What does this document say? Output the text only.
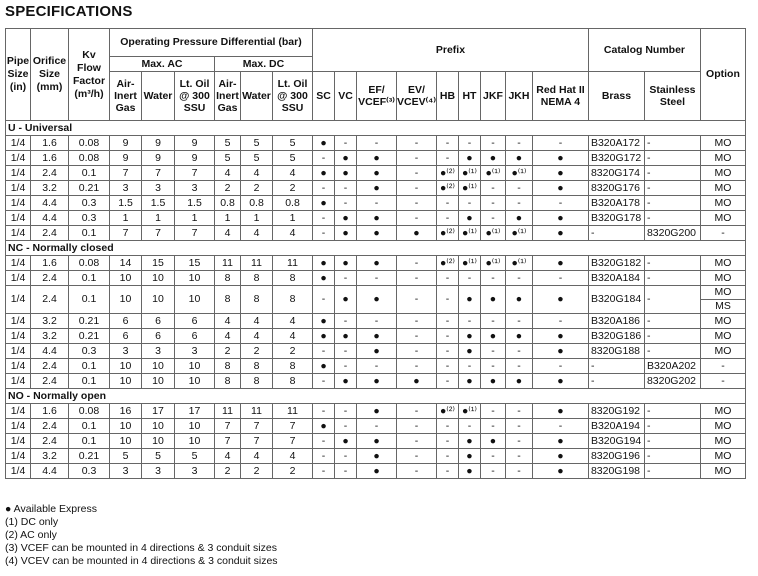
SPECIFICATIONS
Pipe Size (in)	Orifice Size (mm)	Kv Flow Factor (m³/h)	Operating Pressure Differential (bar)						Prefix									Catalog Number		Option
			Max. AC			Max. DC														
			Air-Inert Gas	Water	Lt. Oil @ 300 SSU	Air-Inert Gas	Water	Lt. Oil @ 300 SSU	SC	VC	EF/ VCEF⁽³⁾	EV/ VCEV⁽⁴⁾	HB	HT	JKF	JKH	Red Hat II NEMA 4	Brass	Stainless Steel	
U - Universal																				
1/4	1.6	0.08	9	9	9	5	5	5	●	-	-	-	-	-	-	-	-	B320A172	-	MO
1/4	1.6	0.08	9	9	9	5	5	5	-	●	●	-	-	●	●	●	●	B320G172	-	MO
1/4	2.4	0.1	7	7	7	4	4	4	●	●	●	-	●⁽²⁾	●⁽¹⁾	●⁽¹⁾	●⁽¹⁾	●	8320G174	-	MO
1/4	3.2	0.21	3	3	3	2	2	2	-	-	●	-	●⁽²⁾	●⁽¹⁾	-	-	●	8320G176	-	MO
1/4	4.4	0.3	1.5	1.5	1.5	0.8	0.8	0.8	●	-	-	-	-	-	-	-	-	B320A178	-	MO
1/4	4.4	0.3	1	1	1	1	1	1	-	●	●	-	-	●	-	●	●	B320G178	-	MO
1/4	2.4	0.1	7	7	7	4	4	4	-	●	●	●	●⁽²⁾	●⁽¹⁾	●⁽¹⁾	●⁽¹⁾	●	-	8320G200	-
NC - Normally closed																				
1/4	1.6	0.08	14	15	15	11	11	11	●	●	●	-	●⁽²⁾	●⁽¹⁾	●⁽¹⁾	●⁽¹⁾	●	B320G182	-	MO
1/4	2.4	0.1	10	10	10	8	8	8	●	-	-	-	-	-	-	-	-	B320A184	-	MO
1/4	2.4	0.1	10	10	10	8	8	8	-	●	●	-	-	●	●	●	●	B320G184	-	MO
MS

1/4	3.2	0.21	6	6	6	4	4	4	●	-	-	-	-	-	-	-	-	B320A186	-	MO
1/4	3.2	0.21	6	6	6	4	4	4	●	●	●	-	-	●	●	●	●	B320G186	-	MO
1/4	4.4	0.3	3	3	3	2	2	2	-	-	●	-	-	●	-	-	●	8320G188	-	MO
1/4	2.4	0.1	10	10	10	8	8	8	●	-	-	-	-	-	-	-	-	-	B320A202	-
1/4	2.4	0.1	10	10	10	8	8	8	-	●	●	●	-	●	●	●	●	-	8320G202	-
NO - Normally open																				
1/4	1.6	0.08	16	17	17	11	11	11	-	-	●	-	●⁽²⁾	●⁽¹⁾	-	-	●	8320G192	-	MO
1/4	2.4	0.1	10	10	10	7	7	7	●	-	-	-	-	-	-	-	-	B320A194	-	MO
1/4	2.4	0.1	10	10	10	7	7	7	-	●	●	-	-	●	●	-	●	B320G194	-	MO
1/4	3.2	0.21	5	5	5	4	4	4	-	-	●	-	-	●	-	-	●	8320G196	-	MO
1/4	4.4	0.3	3	3	3	2	2	2	-	-	●	-	-	●	-	-	●	8320G198	-	MO
● Available Express
(1) DC only
(2) AC only
(3) VCEF can be mounted in 4 directions & 3 conduit sizes
(4) VCEV can be mounted in 4 directions & 3 conduit sizes
